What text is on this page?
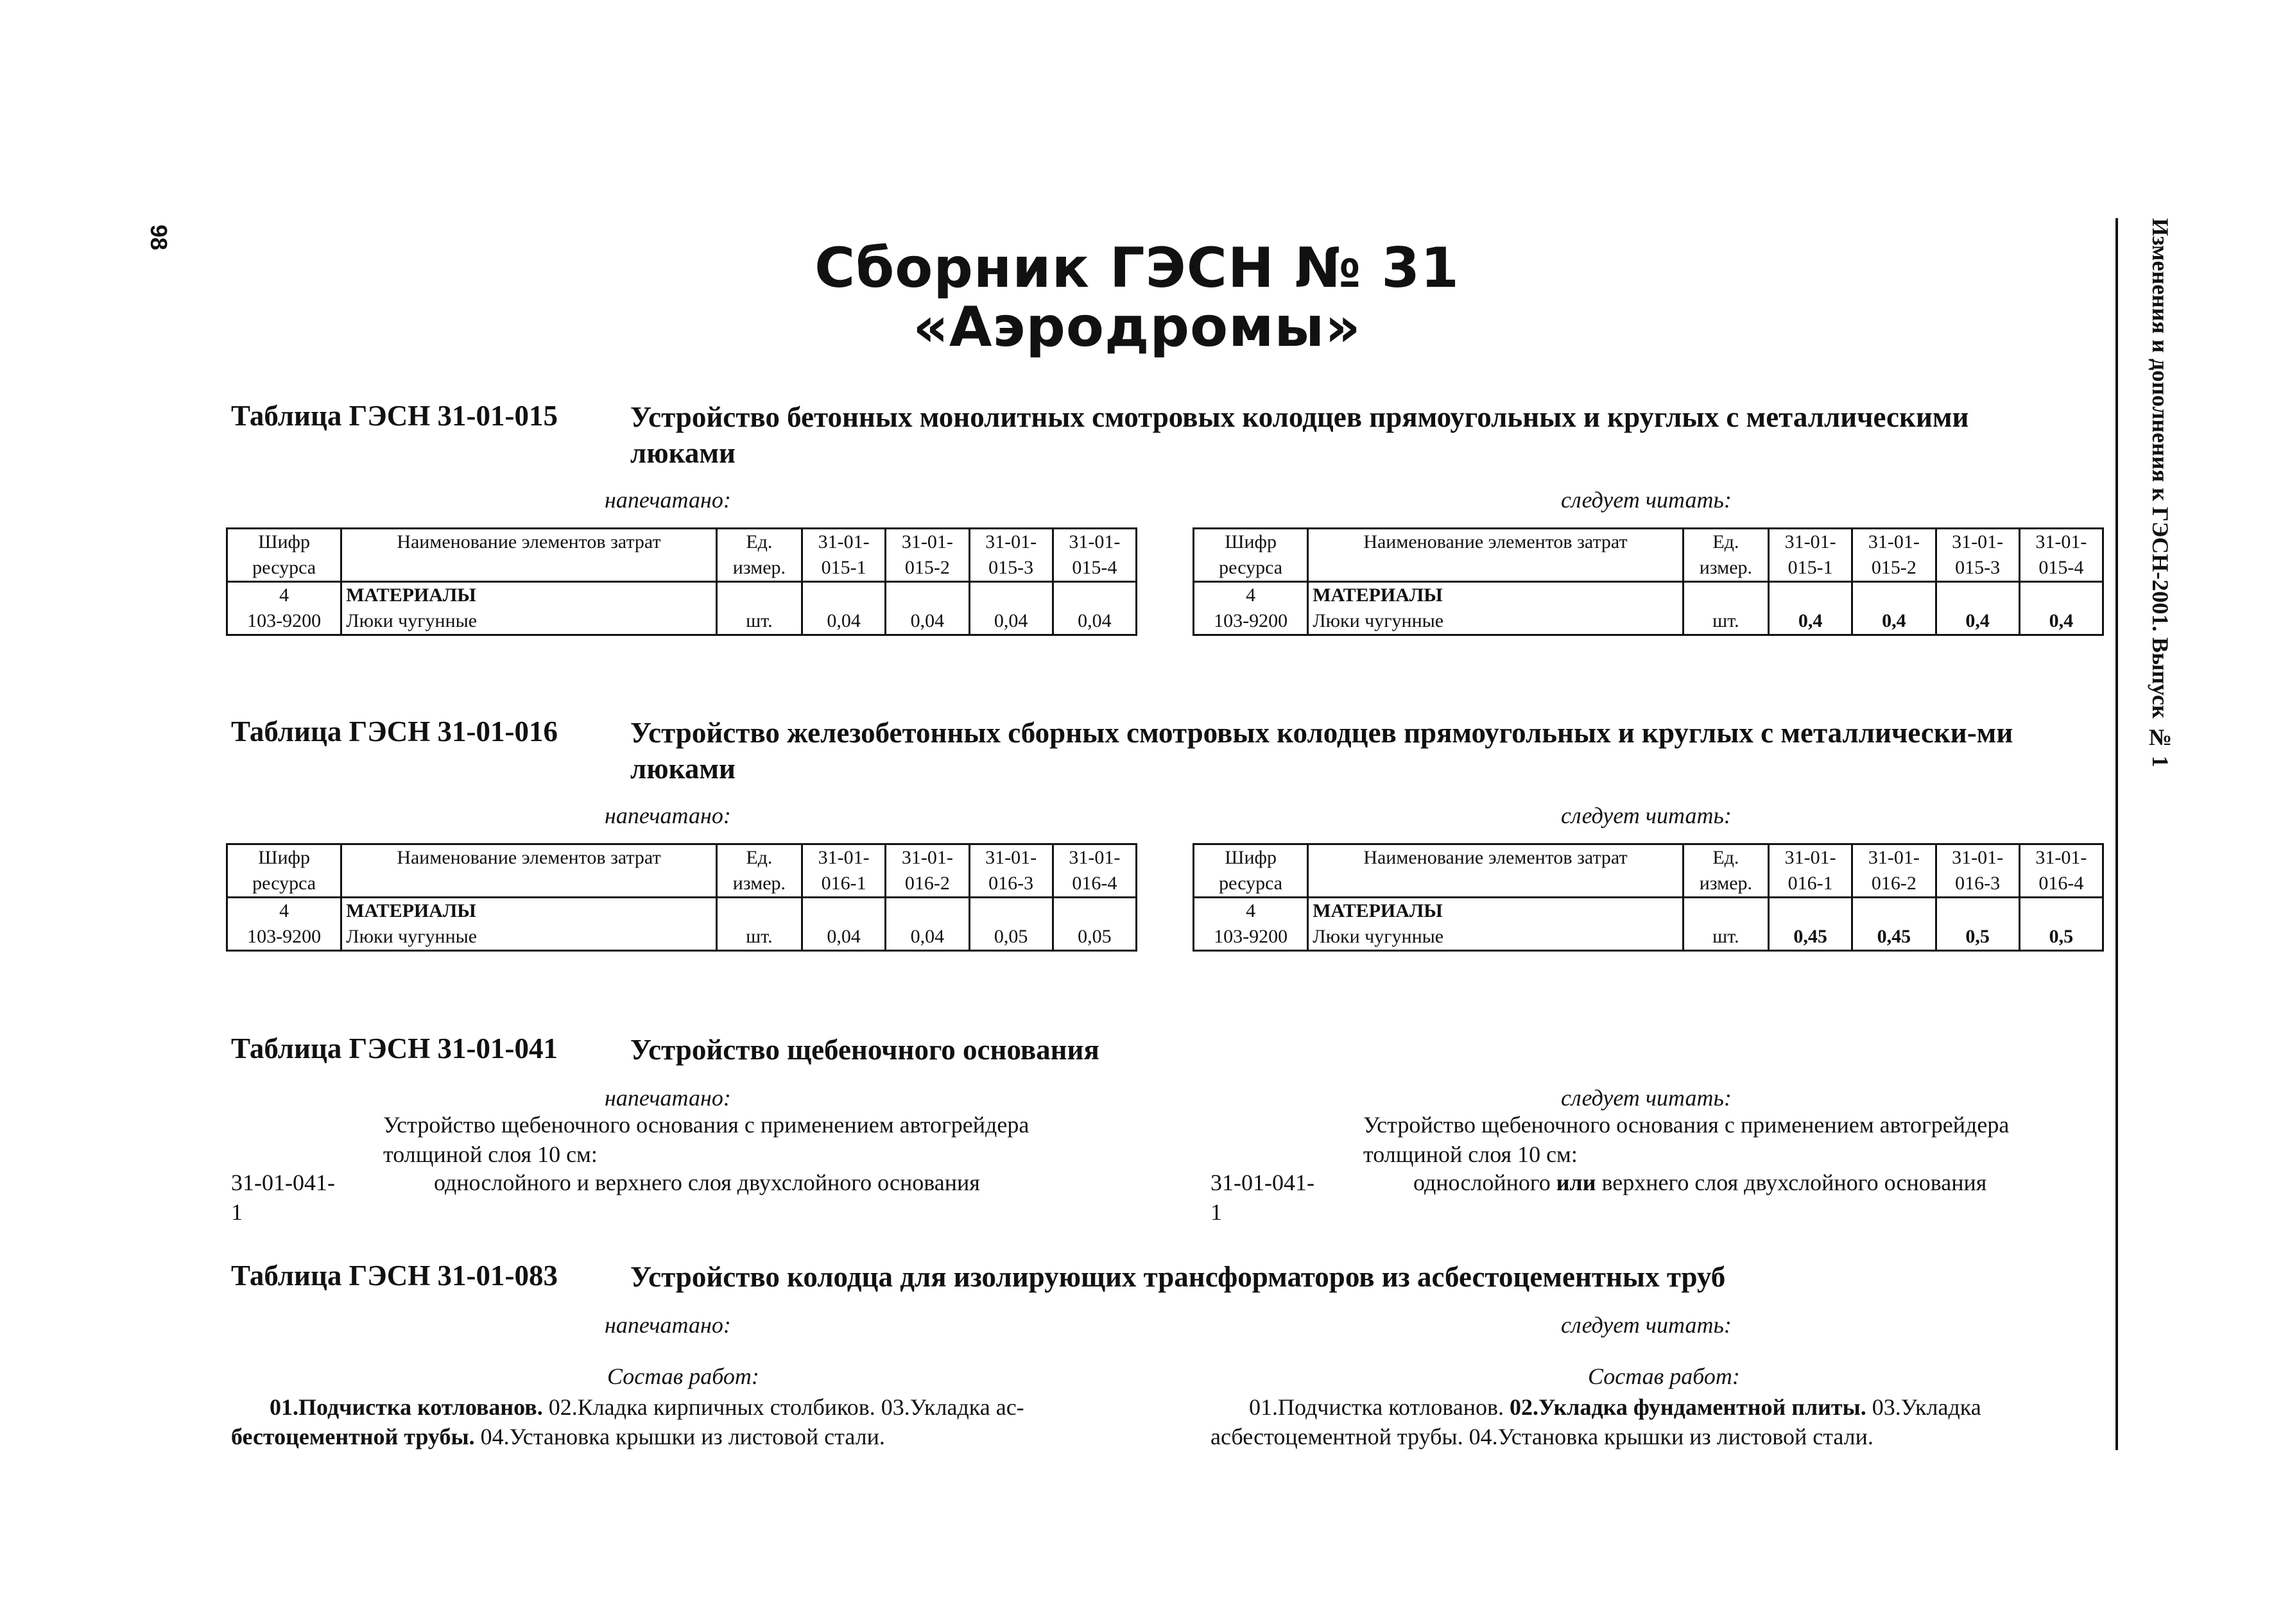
98	Изменения и дополнения к ГЭСН-2001. Выпуск № 1
Сборник ГЭСН № 31
«Аэродромы»
Таблица ГЭСН 31-01-015	Устройство бетонных монолитных смотровых колодцев прямоугольных и круглых с металлическими люками
напечатано:	следует читать:
Шифр	Наименование элементов затрат	Ед.	31-01-	31-01-	31-01-	31-01-
ресурса		измер.	015-1	015-2	015-3	015-4
4	МАТЕРИАЛЫ					
103-9200	Люки чугунные	шт.	0,04	0,04	0,04	0,04
Шифр	Наименование элементов затрат	Ед.	31-01-	31-01-	31-01-	31-01-
ресурса		измер.	015-1	015-2	015-3	015-4
4	МАТЕРИАЛЫ					
103-9200	Люки чугунные	шт.	0,4	0,4	0,4	0,4
Таблица ГЭСН 31-01-016	Устройство железобетонных сборных смотровых колодцев прямоугольных и круглых с металлически-ми люками
напечатано:	следует читать:
Шифр	Наименование элементов затрат	Ед.	31-01-	31-01-	31-01-	31-01-
ресурса		измер.	016-1	016-2	016-3	016-4
4	МАТЕРИАЛЫ					
103-9200	Люки чугунные	шт.	0,04	0,04	0,05	0,05
Шифр	Наименование элементов затрат	Ед.	31-01-	31-01-	31-01-	31-01-
ресурса		измер.	016-1	016-2	016-3	016-4
4	МАТЕРИАЛЫ					
103-9200	Люки чугунные	шт.	0,45	0,45	0,5	0,5
Таблица ГЭСН 31-01-041	Устройство щебеночного основания
напечатано:	следует читать:
Устройство щебеночного основания с применением автогрейдера
толщиной слоя 10 см:
31-01-041-
1
однослойного и верхнего слоя двухслойного основания
Устройство щебеночного основания с применением автогрейдера
толщиной слоя 10 см:
31-01-041-
1
однослойного или верхнего слоя двухслойного основания
Таблица ГЭСН 31-01-083	Устройство колодца для изолирующих трансформаторов из асбестоцементных труб
напечатано:	следует читать:
Состав работ:	Состав работ:
01.Подчистка котлованов. 02.Кладка кирпичных столбиков. 03.Укладка ас-
бестоцементной трубы. 04.Установка крышки из листовой стали.
01.Подчистка котлованов. 02.Укладка фундаментной плиты. 03.Укладка
асбестоцементной трубы. 04.Установка крышки из листовой стали.
